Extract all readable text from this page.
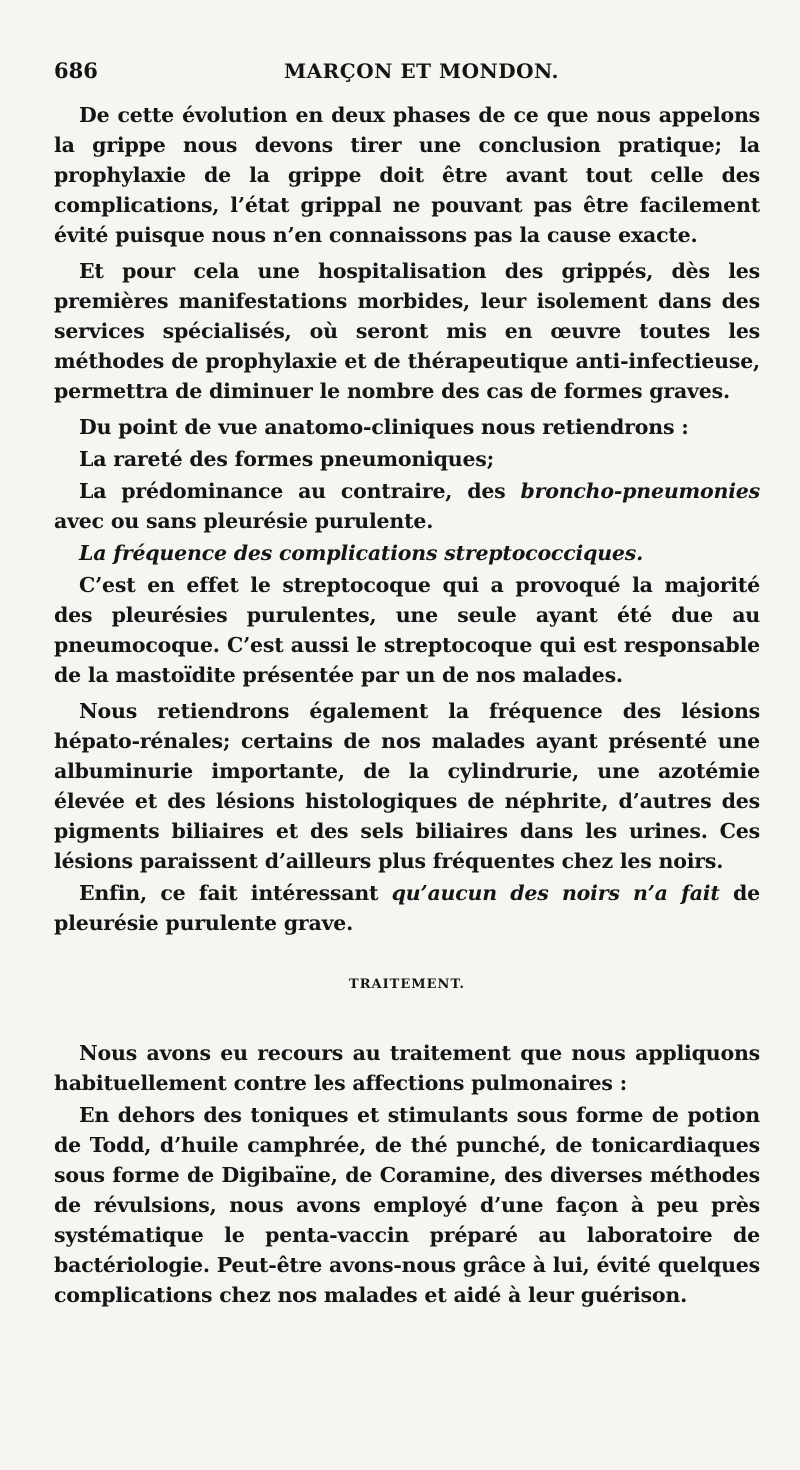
686	MARÇON ET MONDON.

De cette évolution en deux phases de ce que nous appelons la grippe nous devons tirer une conclusion pratique; la prophylaxie de la grippe doit être avant tout celle des complications, l’état grippal ne pouvant pas être facilement évité puisque nous n’en connaissons pas la cause exacte.

Et pour cela une hospitalisation des grippés, dès les premières manifestations morbides, leur isolement dans des services spécialisés, où seront mis en œuvre toutes les méthodes de prophylaxie et de thérapeutique anti-infectieuse, permettra de diminuer le nombre des cas de formes graves.

Du point de vue anatomo-cliniques nous retiendrons :

La rareté des formes pneumoniques;

La prédominance au contraire, des broncho-pneumonies avec ou sans pleurésie purulente.

La fréquence des complications streptococciques.

C’est en effet le streptocoque qui a provoqué la majorité des pleurésies purulentes, une seule ayant été due au pneumocoque. C’est aussi le streptocoque qui est responsable de la mastoïdite présentée par un de nos malades.

Nous retiendrons également la fréquence des lésions hépato-rénales; certains de nos malades ayant présenté une albuminurie importante, de la cylindrurie, une azotémie élevée et des lésions histologiques de néphrite, d’autres des pigments biliaires et des sels biliaires dans les urines. Ces lésions paraissent d’ailleurs plus fréquentes chez les noirs.

Enfin, ce fait intéressant qu’aucun des noirs n’a fait de pleurésie purulente grave.

TRAITEMENT.

Nous avons eu recours au traitement que nous appliquons habituellement contre les affections pulmonaires :

En dehors des toniques et stimulants sous forme de potion de Todd, d’huile camphrée, de thé punché, de tonicardiaques sous forme de Digibaïne, de Coramine, des diverses méthodes de révulsions, nous avons employé d’une façon à peu près systématique le penta-vaccin préparé au laboratoire de bactériologie. Peut-être avons-nous grâce à lui, évité quelques complications chez nos malades et aidé à leur guérison.
